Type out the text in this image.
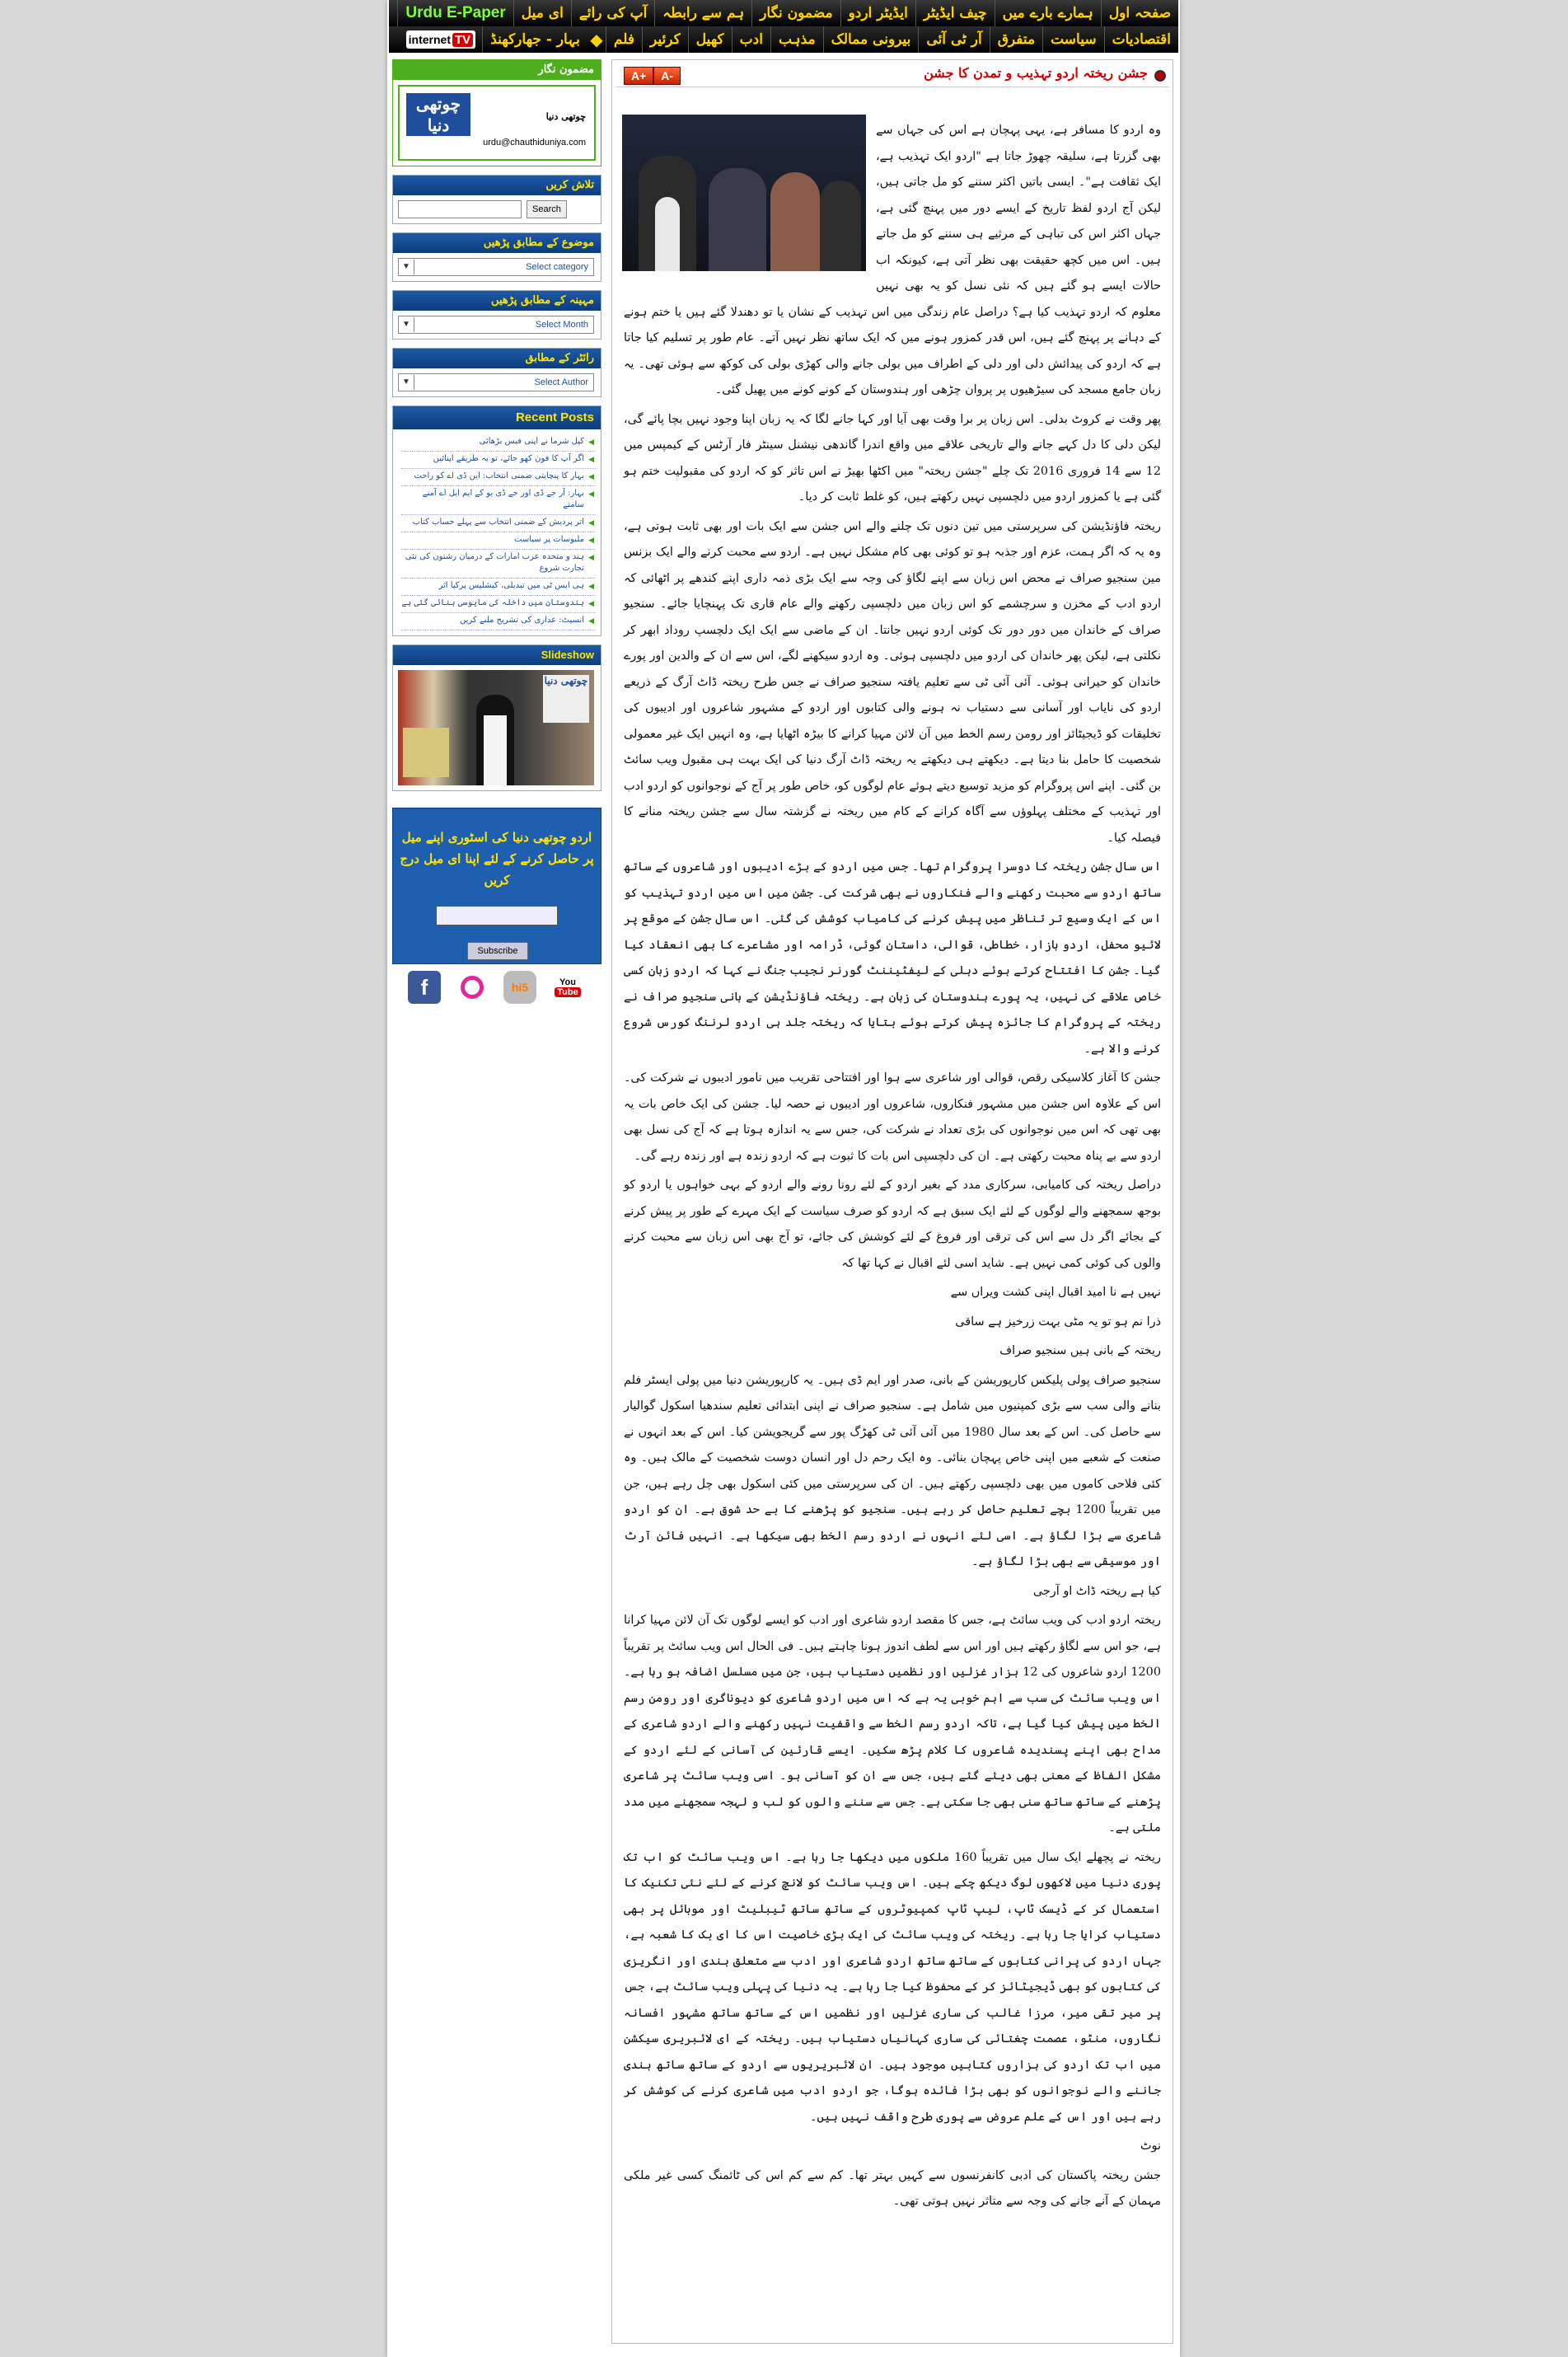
صفحہ اول
ہمارے بارے میں
چیف ایڈیٹر
ایڈیٹر اردو
مضمون نگار
ہم سے رابطہ
آپ کی رائے
ای میل
Urdu E-Paper
اقتصادیات
سیاست
متفرق
آر ٹی آئی
بیرونی ممالک
مذہب
ادب
کھیل
کرئیر
فلم
◆
بہار - جھارکھنڈ
internet TV
مضمون نگار
چوتھی دنیا	چوتھی دنیا
urdu@chauthiduniya.com
تلاش کریں
Search
موضوع کے مطابق پڑھیں
Select category
▼
مہینہ کے مطابق پڑھیں
Select Month
▼
رائٹر کے مطابق
Select Author
▼
Recent Posts
◀
کپل شرما نے اپنی فیس بڑھائی
◀
اگر آپ کا فون کھو جائے، تو یہ طریقے اپنائیں
◀
بہار کا پنچایتی ضمنی انتخاب: این ڈی اے کو راحت
◀
بہار: آر جے ڈی اور جے ڈی یو کے ایم ایل اے آمنے سامنے
◀
اتر پردیش کے ضمنی انتخاب سے پہلے حساب کتاب
◀
ملبوسات پر سیاست
◀
ہند و متحدہ عرب امارات کے درمیان رشتوں کی نئی تجارت شروع
◀
ہی ایس ٹی میں تبدیلی، کیشلیس پرکیا اثر
◀
ہندوستان میں داخلہ کی مایوسی بنائی گئی ہے
◀
انسیٹ: عداری کی تشریح ملنے کریں
Slideshow
چوتھی دنیا
اردو چوتھی دنیا کی اسٹوری اپنے میل پر حاصل کرنے کے لئے اپنا ای میل درج کریں
Subscribe
f	hi5	You
Tube
جشن ریختہ اردو تہذیب و تمدن کا جشن
A+	A-

وہ اردو کا مسافر ہے، یہی پہچان ہے اس کی جہاں سے بھی گزرتا ہے، سلیقہ چھوڑ جاتا ہے "اردو ایک تہذیب ہے، ایک ثقافت ہے"۔ ایسی باتیں اکثر سننے کو مل جاتی ہیں، لیکن آج اردو لفظ تاریخ کے ایسے دور میں پہنچ گئی ہے، جہاں اکثر اس کی تباہی کے مرثیے ہی سننے کو مل جاتے ہیں۔ اس میں کچھ حقیقت بھی نظر آتی ہے، کیونکہ اب حالات ایسے ہو گئے ہیں کہ نئی نسل کو یہ بھی نہیں معلوم کہ اردو تہذیب کیا ہے؟ دراصل عام زندگی میں اس تہذیب کے نشان یا تو دھندلا گئے ہیں یا ختم ہونے کے دہانے پر پہنچ گئے ہیں، اس قدر کمزور ہونے میں کہ ایک ساتھ نظر نہیں آتے۔ عام طور پر تسلیم کیا جاتا ہے کہ اردو کی پیدائش دلی اور دلی کے اطراف میں بولی جانے والی کھڑی بولی کی کوکھ سے ہوئی تھی۔ یہ زبان جامع مسجد کی سیڑھیوں پر پروان چڑھی اور ہندوستان کے کونے کونے میں پھیل گئی۔

پھر وقت نے کروٹ بدلی۔ اس زبان پر برا وقت بھی آیا اور کہا جانے لگا کہ یہ زبان اپنا وجود نہیں بچا پائے گی، لیکن دلی کا دل کہے جانے والے تاریخی علاقے میں واقع اندرا گاندھی نیشنل سینٹر فار آرٹس کے کیمپس میں 12 سے 14 فروری 2016 تک چلے "جشن ریختہ" میں اکٹھا بھیڑ نے اس تاثر کو کہ اردو کی مقبولیت ختم ہو گئی ہے یا کمزور اردو میں دلچسپی نہیں رکھتے ہیں، کو غلط ثابت کر دیا۔

ریختہ فاؤنڈیشن کی سرپرستی میں تین دنوں تک چلنے والے اس جشن سے ایک بات اور بھی ثابت ہوتی ہے، وہ یہ کہ اگر ہمت، عزم اور جذبہ ہو تو کوئی بھی کام مشکل نہیں ہے۔ اردو سے محبت کرنے والے ایک بزنس مین سنجیو صراف نے محض اس زبان سے اپنے لگاؤ کی وجہ سے ایک بڑی ذمہ داری اپنے کندھے پر اٹھائی کہ اردو ادب کے مخزن و سرچشمے کو اس زبان میں دلچسپی رکھنے والے عام قاری تک پہنچایا جائے۔ سنجیو صراف کے خاندان میں دور دور تک کوئی اردو نہیں جانتا۔ ان کے ماضی سے ایک ایک دلچسپ روداد ابھر کر نکلتی ہے، لیکن پھر خاندان کی اردو میں دلچسپی ہوئی۔ وہ اردو سیکھنے لگے، اس سے ان کے والدین اور پورے خاندان کو حیرانی ہوئی۔ آئی آئی ٹی سے تعلیم یافتہ سنجیو صراف نے جس طرح ریختہ ڈاٹ آرگ کے ذریعے اردو کی نایاب اور آسانی سے دستیاب نہ ہونے والی کتابوں اور اردو کے مشہور شاعروں اور ادیبوں کی تخلیقات کو ڈیجیٹائز اور رومن رسم الخط میں آن لائن مہیا کرانے کا بیڑہ اٹھایا ہے، وہ انہیں ایک غیر معمولی شخصیت کا حامل بنا دیتا ہے۔ دیکھتے ہی دیکھتے یہ ریختہ ڈاٹ آرگ دنیا کی ایک بہت ہی مقبول ویب سائٹ بن گئی۔ اپنے اس پروگرام کو مزید توسیع دیتے ہوئے عام لوگوں کو، خاص طور پر آج کے نوجوانوں کو اردو ادب اور تہذیب کے مختلف پہلوؤں سے آگاہ کرانے کے کام میں ریختہ نے گزشتہ سال سے جشن ریختہ منانے کا فیصلہ کیا۔

اس سال جشن ریختہ کا دوسرا پروگرام تھا۔ جس میں اردو کے بڑے ادیبوں اور شاعروں کے ساتھ ساتھ اردو سے محبت رکھنے والے فنکاروں نے بھی شرکت کی۔ جشن میں اس میں اردو تہذیب کو اس کے ایک وسیع تر تناظر میں پیش کرنے کی کامیاب کوشش کی گئی۔ اس سال جشن کے موقع پر لائیو محفل، اردو بازار، خطاطی، قوالی، داستان گوئی، ڈرامہ اور مشاعرے کا بھی انعقاد کیا گیا۔ جشن کا افتتاح کرتے ہوئے دہلی کے لیفٹیننٹ گورنر نجیب جنگ نے کہا کہ اردو زبان کسی خاص علاقے کی نہیں، یہ پورے ہندوستان کی زبان ہے۔ ریختہ فاؤنڈیشن کے بانی سنجیو صراف نے ریختہ کے پروگرام کا جائزہ پیش کرتے ہوئے بتایا کہ ریختہ جلد ہی اردو لرننگ کورس شروع کرنے والا ہے۔

جشن کا آغاز کلاسیکی رقص، قوالی اور شاعری سے ہوا اور افتتاحی تقریب میں نامور ادیبوں نے شرکت کی۔ اس کے علاوہ اس جشن میں مشہور فنکاروں، شاعروں اور ادیبوں نے حصہ لیا۔ جشن کی ایک خاص بات یہ بھی تھی کہ اس میں نوجوانوں کی بڑی تعداد نے شرکت کی، جس سے یہ اندازہ ہوتا ہے کہ آج کی نسل بھی اردو سے بے پناہ محبت رکھتی ہے۔ ان کی دلچسپی اس بات کا ثبوت ہے کہ اردو زندہ ہے اور زندہ رہے گی۔

دراصل ریختہ کی کامیابی، سرکاری مدد کے بغیر اردو کے لئے رونا رونے والے اردو کے بہی خواہوں یا اردو کو بوجھ سمجھنے والے لوگوں کے لئے ایک سبق ہے کہ اردو کو صرف سیاست کے ایک مہرے کے طور پر پیش کرنے کے بجائے اگر دل سے اس کی ترقی اور فروغ کے لئے کوشش کی جائے، تو آج بھی اس زبان سے محبت کرنے والوں کی کوئی کمی نہیں ہے۔ شاید اسی لئے اقبال نے کہا تھا کہ

نہیں ہے نا امید اقبال اپنی کشت ویراں سے

ذرا نم ہو تو یہ مٹی بہت زرخیز ہے ساقی

ریختہ کے بانی ہیں سنجیو صراف

سنجیو صراف پولی پلیکس کارپوریشن کے بانی، صدر اور ایم ڈی ہیں۔ یہ کارپوریشن دنیا میں پولی ایسٹر فلم بنانے والی سب سے بڑی کمپنیوں میں شامل ہے۔ سنجیو صراف نے اپنی ابتدائی تعلیم سندھیا اسکول گوالیار سے حاصل کی۔ اس کے بعد سال 1980 میں آئی آئی ٹی کھڑگ پور سے گریجویشن کیا۔ اس کے بعد انہوں نے صنعت کے شعبے میں اپنی خاص پہچان بنائی۔ وہ ایک رحم دل اور انسان دوست شخصیت کے مالک ہیں۔ وہ کئی فلاحی کاموں میں بھی دلچسپی رکھتے ہیں۔ ان کی سرپرستی میں کئی اسکول بھی چل رہے ہیں، جن میں تقریباً 1200 بچے تعلیم حاصل کر رہے ہیں۔ سنجیو کو پڑھنے کا بے حد شوق ہے۔ ان کو اردو شاعری سے بڑا لگاؤ ہے۔ اسی لئے انہوں نے اردو رسم الخط بھی سیکھا ہے۔ انہیں فائن آرٹ اور موسیقی سے بھی بڑا لگاؤ ہے۔

کیا ہے ریختہ ڈاٹ او آرجی

ریختہ اردو ادب کی ویب سائٹ ہے، جس کا مقصد اردو شاعری اور ادب کو ایسے لوگوں تک آن لائن مہیا کرانا ہے، جو اس سے لگاؤ رکھتے ہیں اور اس سے لطف اندوز ہونا چاہتے ہیں۔ فی الحال اس ویب سائٹ پر تقریباً 1200 اردو شاعروں کی 12 ہزار غزلیں اور نظمیں دستیاب ہیں، جن میں مسلسل اضافہ ہو رہا ہے۔ اس ویب سائٹ کی سب سے اہم خوبی یہ ہے کہ اس میں اردو شاعری کو دیوناگری اور رومن رسم الخط میں پیش کیا گیا ہے، تاکہ اردو رسم الخط سے واقفیت نہیں رکھنے والے اردو شاعری کے مداح بھی اپنے پسندیدہ شاعروں کا کلام پڑھ سکیں۔ ایسے قارئین کی آسانی کے لئے اردو کے مشکل الفاظ کے معنی بھی دیئے گئے ہیں، جس سے ان کو آسانی ہو۔ اسی ویب سائٹ پر شاعری پڑھنے کے ساتھ ساتھ سنی بھی جا سکتی ہے۔ جس سے سننے والوں کو لب و لہجہ سمجھنے میں مدد ملتی ہے۔

ریختہ نے پچھلے ایک سال میں تقریباً 160 ملکوں میں دیکھا جا رہا ہے۔ اس ویب سائٹ کو اب تک پوری دنیا میں لاکھوں لوگ دیکھ چکے ہیں۔ اس ویب سائٹ کو لانچ کرنے کے لئے نئی تکنیک کا استعمال کر کے ڈیسک ٹاپ، لیپ ٹاپ کمپیوٹروں کے ساتھ ساتھ ٹیبلیٹ اور موبائل پر بھی دستیاب کرایا جا رہا ہے۔ ریختہ کی ویب سائٹ کی ایک بڑی خاصیت اس کا ای بک کا شعبہ ہے، جہاں اردو کی پرانی کتابوں کے ساتھ ساتھ اردو شاعری اور ادب سے متعلق ہندی اور انگریزی کی کتابوں کو بھی ڈیجیٹائز کر کے محفوظ کیا جا رہا ہے۔ یہ دنیا کی پہلی ویب سائٹ ہے، جس پر میر تقی میر، مرزا غالب کی ساری غزلیں اور نظمیں اس کے ساتھ ساتھ مشہور افسانہ نگاروں، منٹو، عصمت چغتائی کی ساری کہانیاں دستیاب ہیں۔ ریختہ کے ای لائبریری سیکشن میں اب تک اردو کی ہزاروں کتابیں موجود ہیں۔ ان لائبریریوں سے اردو کے ساتھ ساتھ ہندی جاننے والے نوجوانوں کو بھی بڑا فائدہ ہوگا، جو اردو ادب میں شاعری کرنے کی کوشش کر رہے ہیں اور اس کے علم عروض سے پوری طرح واقف نہیں ہیں۔

نوٹ

جشن ریختہ پاکستان کی ادبی کانفرنسوں سے کہیں بہتر تھا۔ کم سے کم اس کی ٹائمنگ کسی غیر ملکی مہمان کے آنے جانے کی وجہ سے متاثر نہیں ہوتی تھی۔
